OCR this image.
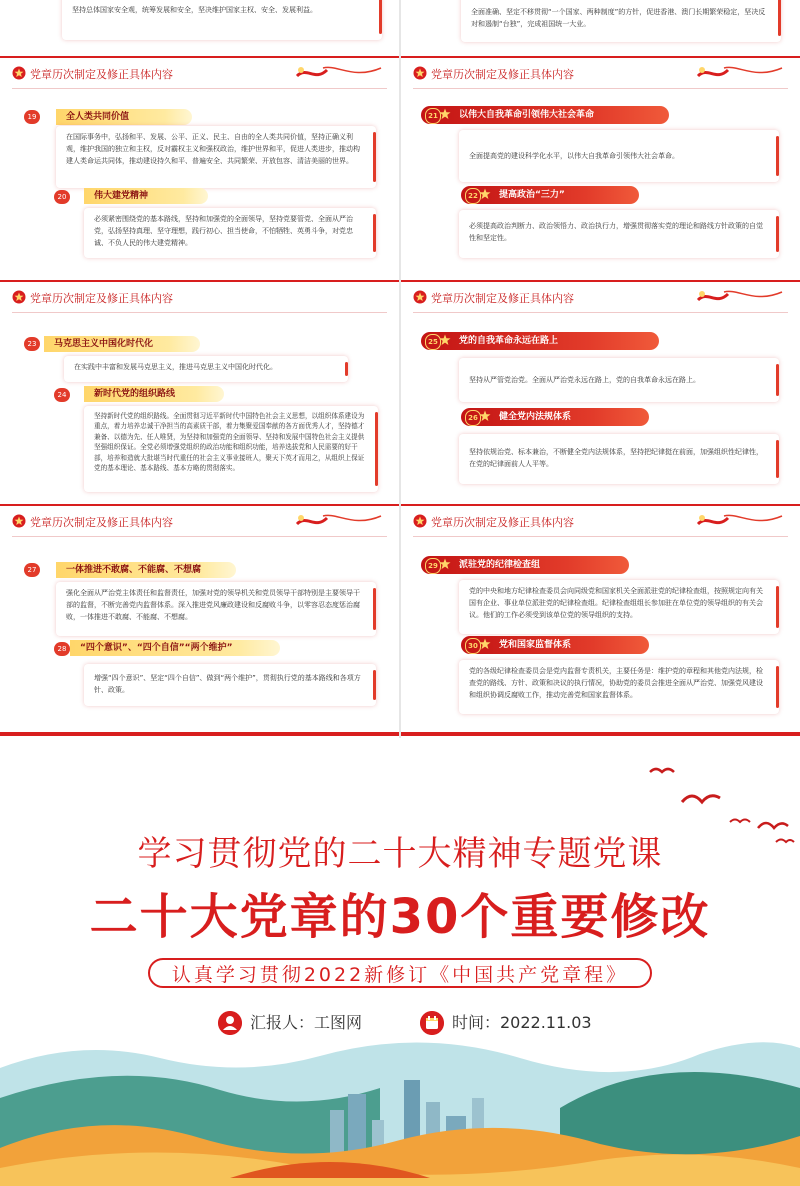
坚持总体国家安全观，统筹发展和安全，坚决维护国家主权、安全、发展利益。	全面准确、坚定不移贯彻“一个国家、两种制度”的方针，促进香港、澳门长期繁荣稳定，坚决反对和遏制“台独”，完成祖国统一大业。
党章历次制定及修正具体内容
19	全人类共同价值
在国际事务中，弘扬和平、发展、公平、正义、民主、自由的全人类共同价值，坚持正确义利观，维护我国的独立和主权，反对霸权主义和强权政治，维护世界和平，促进人类进步，推动构建人类命运共同体，推动建设持久和平、普遍安全、共同繁荣、开放包容、清洁美丽的世界。
20	伟大建党精神
必须紧密围绕党的基本路线，坚持和加强党的全面领导，坚持党要管党、全面从严治党，弘扬坚持真理、坚守理想，践行初心、担当使命，不怕牺牲、英勇斗争，对党忠诚、不负人民的伟大建党精神。
党章历次制定及修正具体内容
21	以伟大自我革命引领伟大社会革命
全面提高党的建设科学化水平，以伟大自我革命引领伟大社会革命。
22	提高政治“三力”
必须提高政治判断力、政治领悟力、政治执行力，增强贯彻落实党的理论和路线方针政策的自觉性和坚定性。
党章历次制定及修正具体内容
23	马克思主义中国化时代化
在实践中丰富和发展马克思主义，推进马克思主义中国化时代化。
24	新时代党的组织路线
坚持新时代党的组织路线。全面贯彻习近平新时代中国特色社会主义思想，以组织体系建设为重点，着力培养忠诚干净担当的高素质干部，着力集聚爱国奉献的各方面优秀人才，坚持德才兼备、以德为先、任人唯贤，为坚持和加强党的全面领导、坚持和发展中国特色社会主义提供坚强组织保证。全党必须增强党组织的政治功能和组织功能，培养选拔党和人民需要的好干部，培养和造就大批堪当时代重任的社会主义事业接班人，聚天下英才而用之，从组织上保证党的基本理论、基本路线、基本方略的贯彻落实。
党章历次制定及修正具体内容
25	党的自我革命永远在路上
坚持从严管党治党。全面从严治党永远在路上，党的自我革命永远在路上。
26	健全党内法规体系
坚持依规治党、标本兼治，不断健全党内法规体系，坚持把纪律挺在前面，加强组织性纪律性，在党的纪律面前人人平等。
党章历次制定及修正具体内容
27	一体推进不敢腐、不能腐、不想腐
强化全面从严治党主体责任和监督责任，加强对党的领导机关和党员领导干部特别是主要领导干部的监督，不断完善党内监督体系。深入推进党风廉政建设和反腐败斗争，以零容忍态度惩治腐败，一体推进不敢腐、不能腐、不想腐。
28	“四个意识”、“四个自信”“两个维护”
增强“四个意识”、坚定“四个自信”、做到“两个维护”，贯彻执行党的基本路线和各项方针、政策。
党章历次制定及修正具体内容
29	派驻党的纪律检查组
党的中央和地方纪律检查委员会向同级党和国家机关全面派驻党的纪律检查组，按照规定向有关国有企业、事业单位派驻党的纪律检查组。纪律检查组组长参加驻在单位党的领导组织的有关会议。他们的工作必须受到该单位党的领导组织的支持。
30	党和国家监督体系
党的各级纪律检查委员会是党内监督专责机关，主要任务是：维护党的章程和其他党内法规，检查党的路线、方针、政策和决议的执行情况，协助党的委员会推进全面从严治党、加强党风建设和组织协调反腐败工作，推动完善党和国家监督体系。
学习贯彻党的二十大精神专题党课
二十大党章的30个重要修改
认真学习贯彻2022新修订《中国共产党章程》
汇报人：工图网	时间：2022.11.03
